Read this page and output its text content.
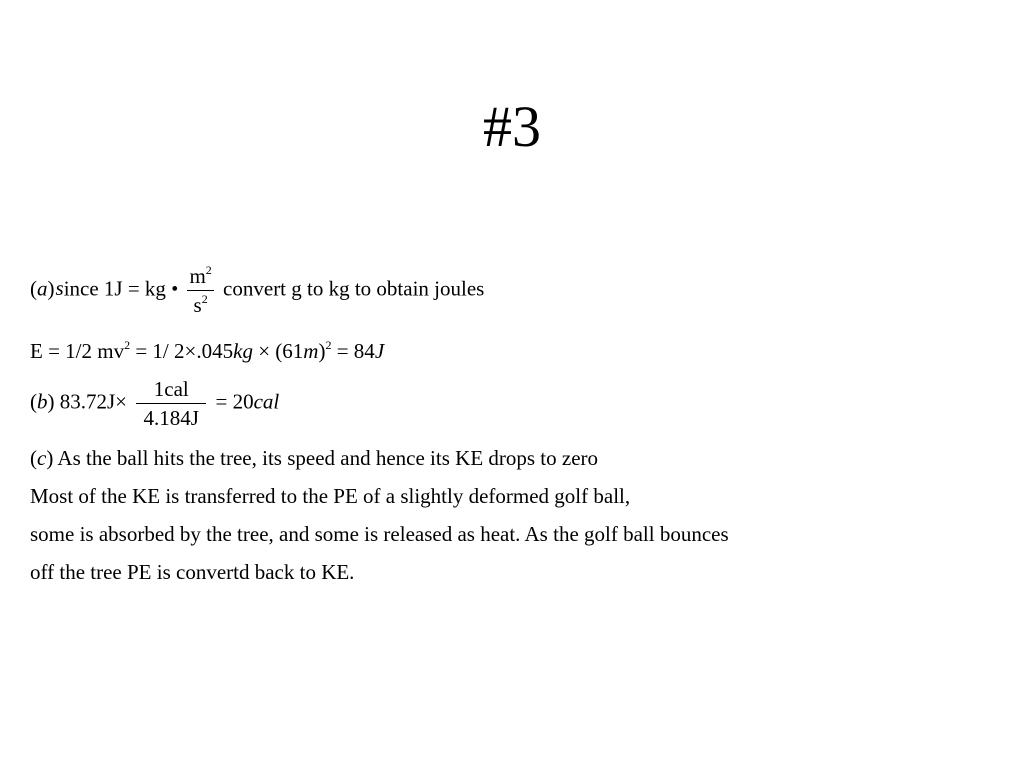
#3
(a)since 1J = kg • $\frac{m^2}{s^2}$ convert g to kg to obtain joules
E = 1/2 $mv^2 = 1/$ $2\times.045kg \times (61m)^2 = 84J$
(b) $83.72J\times \frac{\text{1cal}}{4.184J} = 20cal$
(c) As the ball hits the tree, its speed and hence its KE drops to zero
Most of the KE is transferred to the PE of a slightly deformed golf ball,
some is absorbed by the tree, and some is released as heat. As the golf ball bounces
off the tree PE is convertd back to KE.
